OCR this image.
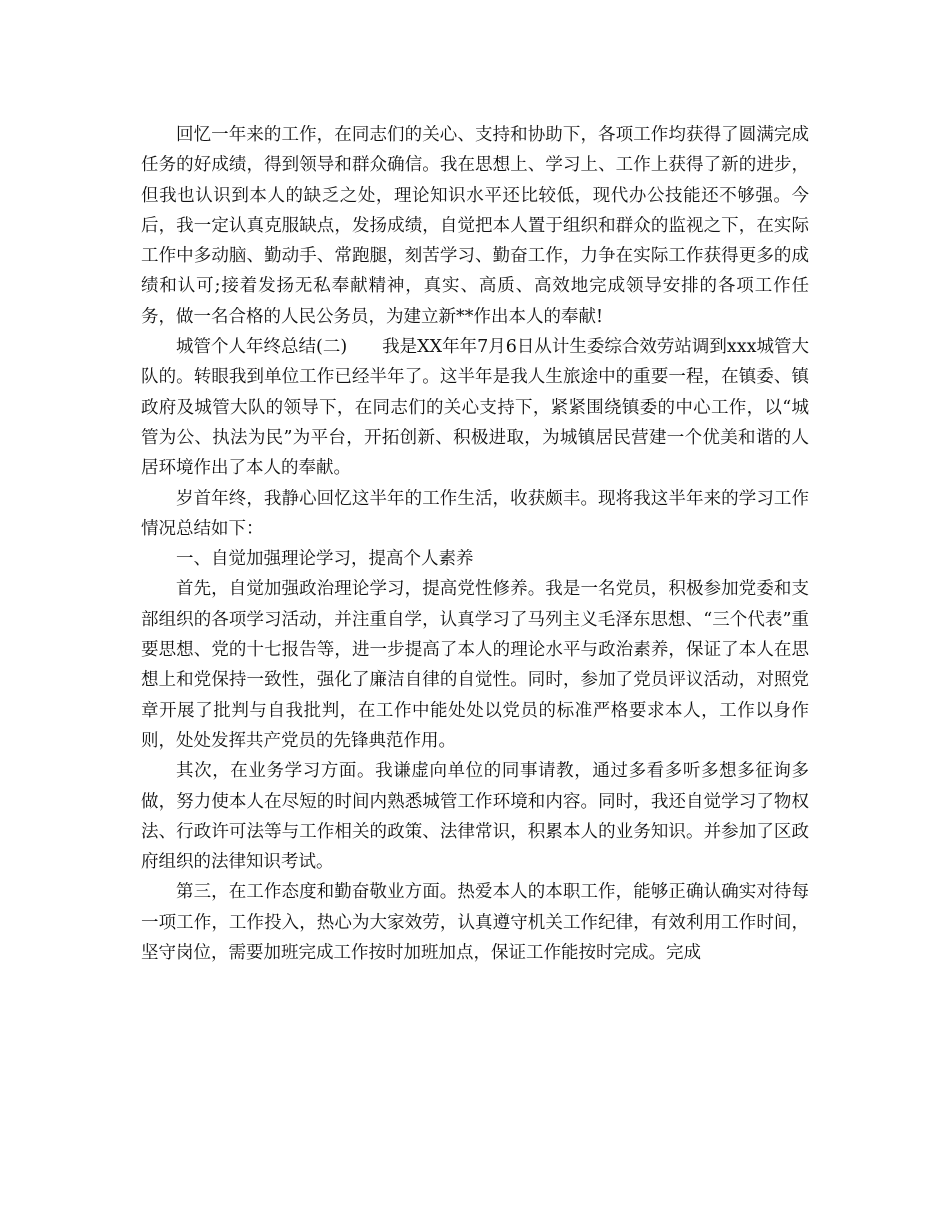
回忆一年来的工作，在同志们的关心、支持和协助下，各项工作均获得了圆满完成任务的好成绩，得到领导和群众确信。我在思想上、学习上、工作上获得了新的进步，但我也认识到本人的缺乏之处，理论知识水平还比较低，现代办公技能还不够强。今后，我一定认真克服缺点，发扬成绩，自觉把本人置于组织和群众的监视之下，在实际工作中多动脑、勤动手、常跑腿，刻苦学习、勤奋工作，力争在实际工作获得更多的成绩和认可;接着发扬无私奉献精神，真实、高质、高效地完成领导安排的各项工作任务，做一名合格的人民公务员，为建立新**作出本人的奉献!

城管个人年终总结(二)　　我是XX年年7月6日从计生委综合效劳站调到xxx城管大队的。转眼我到单位工作已经半年了。这半年是我人生旅途中的重要一程，在镇委、镇政府及城管大队的领导下，在同志们的关心支持下，紧紧围绕镇委的中心工作，以“城管为公、执法为民”为平台，开拓创新、积极进取，为城镇居民营建一个优美和谐的人居环境作出了本人的奉献。

岁首年终，我静心回忆这半年的工作生活，收获颇丰。现将我这半年来的学习工作情况总结如下：

一、自觉加强理论学习，提高个人素养

首先，自觉加强政治理论学习，提高党性修养。我是一名党员，积极参加党委和支部组织的各项学习活动，并注重自学，认真学习了马列主义毛泽东思想、“三个代表”重要思想、党的十七报告等，进一步提高了本人的理论水平与政治素养，保证了本人在思想上和党保持一致性，强化了廉洁自律的自觉性。同时，参加了党员评议活动，对照党章开展了批判与自我批判，在工作中能处处以党员的标准严格要求本人，工作以身作则，处处发挥共产党员的先锋典范作用。

其次，在业务学习方面。我谦虚向单位的同事请教，通过多看多听多想多征询多做，努力使本人在尽短的时间内熟悉城管工作环境和内容。同时，我还自觉学习了物权法、行政许可法等与工作相关的政策、法律常识，积累本人的业务知识。并参加了区政府组织的法律知识考试。

第三，在工作态度和勤奋敬业方面。热爱本人的本职工作，能够正确认确实对待每一项工作，工作投入，热心为大家效劳，认真遵守机关工作纪律，有效利用工作时间，坚守岗位，需要加班完成工作按时加班加点，保证工作能按时完成。完成
